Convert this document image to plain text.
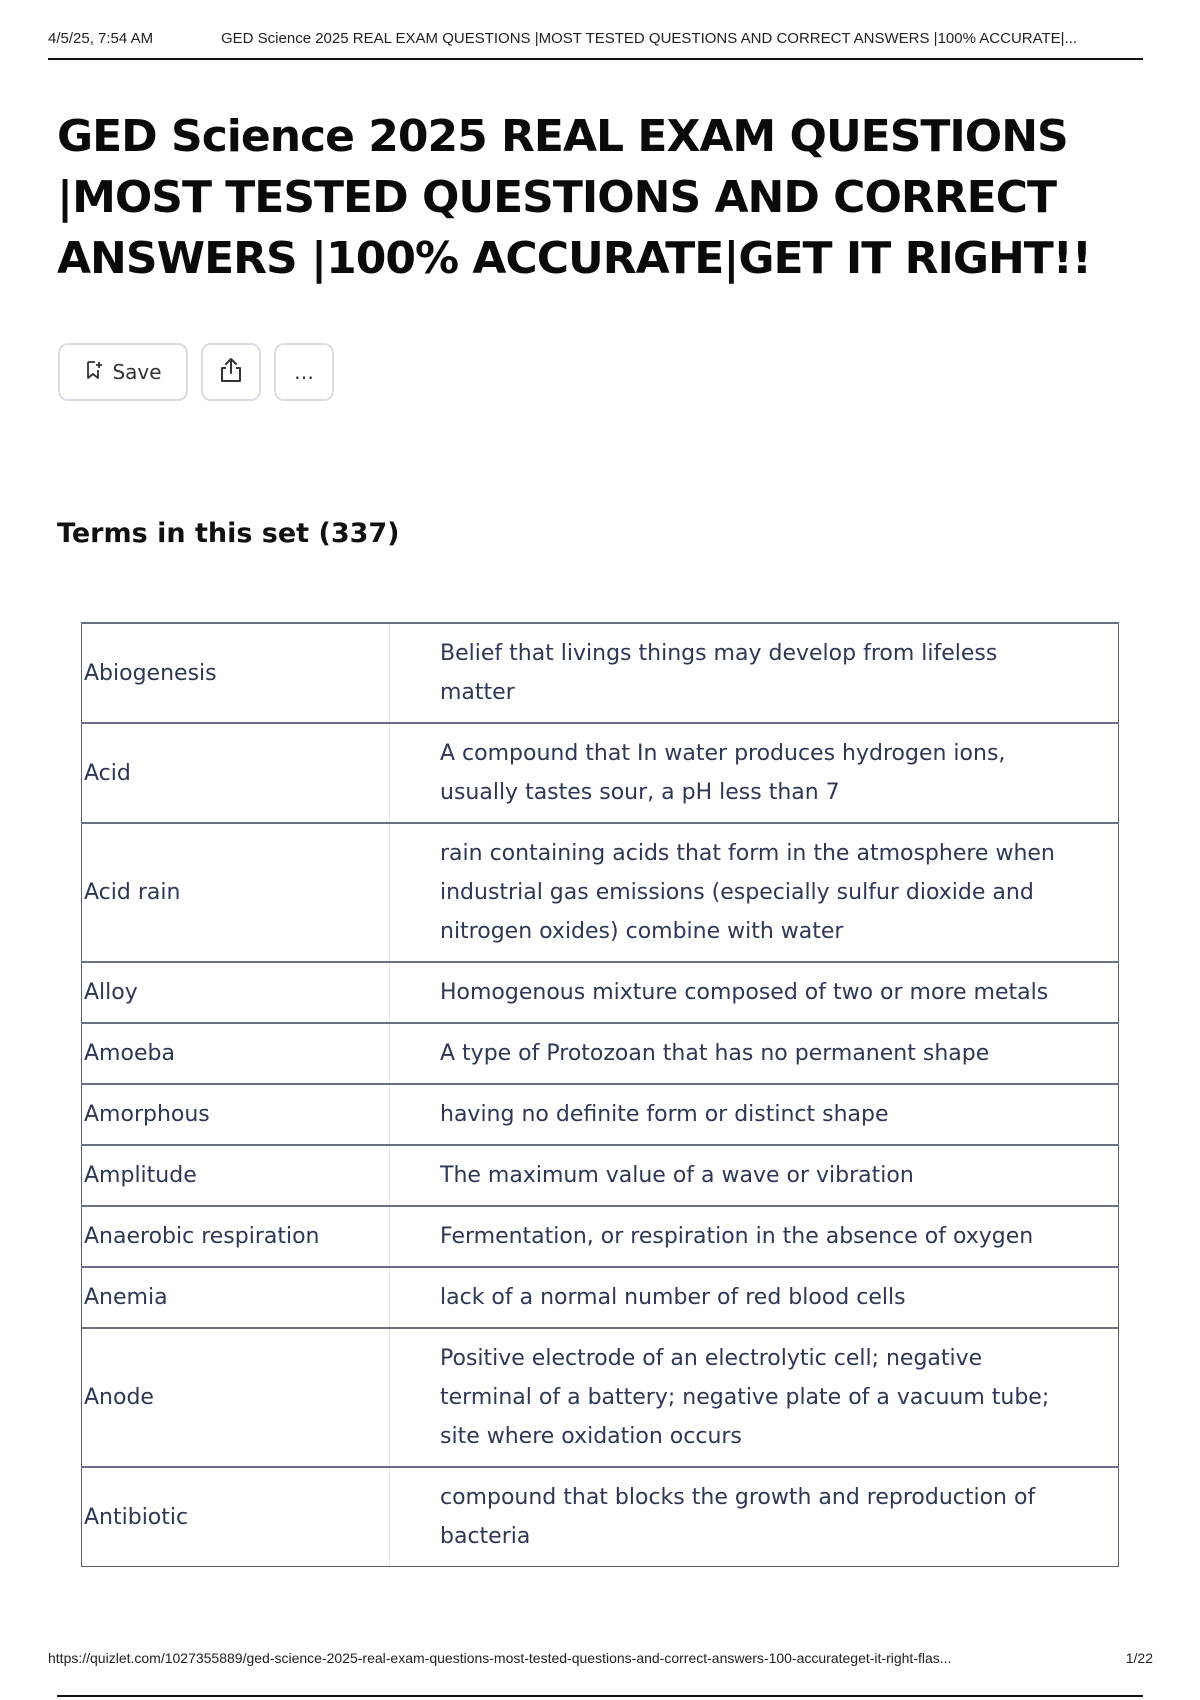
4/5/25, 7:54 AM	GED Science 2025 REAL EXAM QUESTIONS |MOST TESTED QUESTIONS AND CORRECT ANSWERS |100% ACCURATE|...
GED Science 2025 REAL EXAM QUESTIONS |MOST TESTED QUESTIONS AND CORRECT ANSWERS |100% ACCURATE|GET IT RIGHT!!
Save	…
Terms in this set (337)
Abiogenesis	Belief that livings things may develop from lifeless matter
Acid	A compound that In water produces hydrogen ions, usually tastes sour, a pH less than 7
Acid rain	rain containing acids that form in the atmosphere when industrial gas emissions (especially sulfur dioxide and nitrogen oxides) combine with water
Alloy	Homogenous mixture composed of two or more metals
Amoeba	A type of Protozoan that has no permanent shape
Amorphous	having no definite form or distinct shape
Amplitude	The maximum value of a wave or vibration
Anaerobic respiration	Fermentation, or respiration in the absence of oxygen
Anemia	lack of a normal number of red blood cells
Anode	Positive electrode of an electrolytic cell; negative terminal of a battery; negative plate of a vacuum tube; site where oxidation occurs
Antibiotic	compound that blocks the growth and reproduction of bacteria
https://quizlet.com/1027355889/ged-science-2025-real-exam-questions-most-tested-questions-and-correct-answers-100-accurateget-it-right-flas...	1/22
